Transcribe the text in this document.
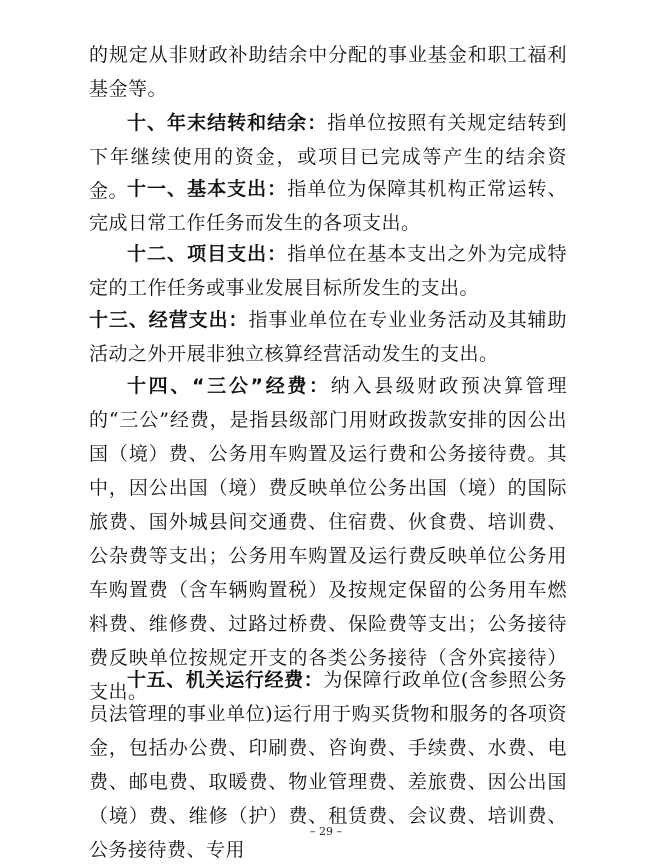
的规定从非财政补助结余中分配的事业基金和职工福利基金等。

十、年末结转和结余：指单位按照有关规定结转到下年继续使用的资金，或项目已完成等产生的结余资金。

十一、基本支出：指单位为保障其机构正常运转、完成日常工作任务而发生的各项支出。

十二、项目支出：指单位在基本支出之外为完成特定的工作任务或事业发展目标所发生的支出。

十三、经营支出：指事业单位在专业业务活动及其辅助活动之外开展非独立核算经营活动发生的支出。

十四、“三公”经费：纳入县级财政预决算管理的“三公”经费，是指县级部门用财政拨款安排的因公出国（境）费、公务用车购置及运行费和公务接待费。其中，因公出国（境）费反映单位公务出国（境）的国际旅费、国外城县间交通费、住宿费、伙食费、培训费、公杂费等支出；公务用车购置及运行费反映单位公务用车购置费（含车辆购置税）及按规定保留的公务用车燃料费、维修费、过路过桥费、保险费等支出；公务接待费反映单位按规定开支的各类公务接待（含外宾接待）支出。

十五、机关运行经费：为保障行政单位(含参照公务员法管理的事业单位)运行用于购买货物和服务的各项资金，包括办公费、印刷费、咨询费、手续费、水费、电费、邮电费、取暖费、物业管理费、差旅费、因公出国（境）费、维修（护）费、租赁费、会议费、培训费、公务接待费、专用

– 29 –
